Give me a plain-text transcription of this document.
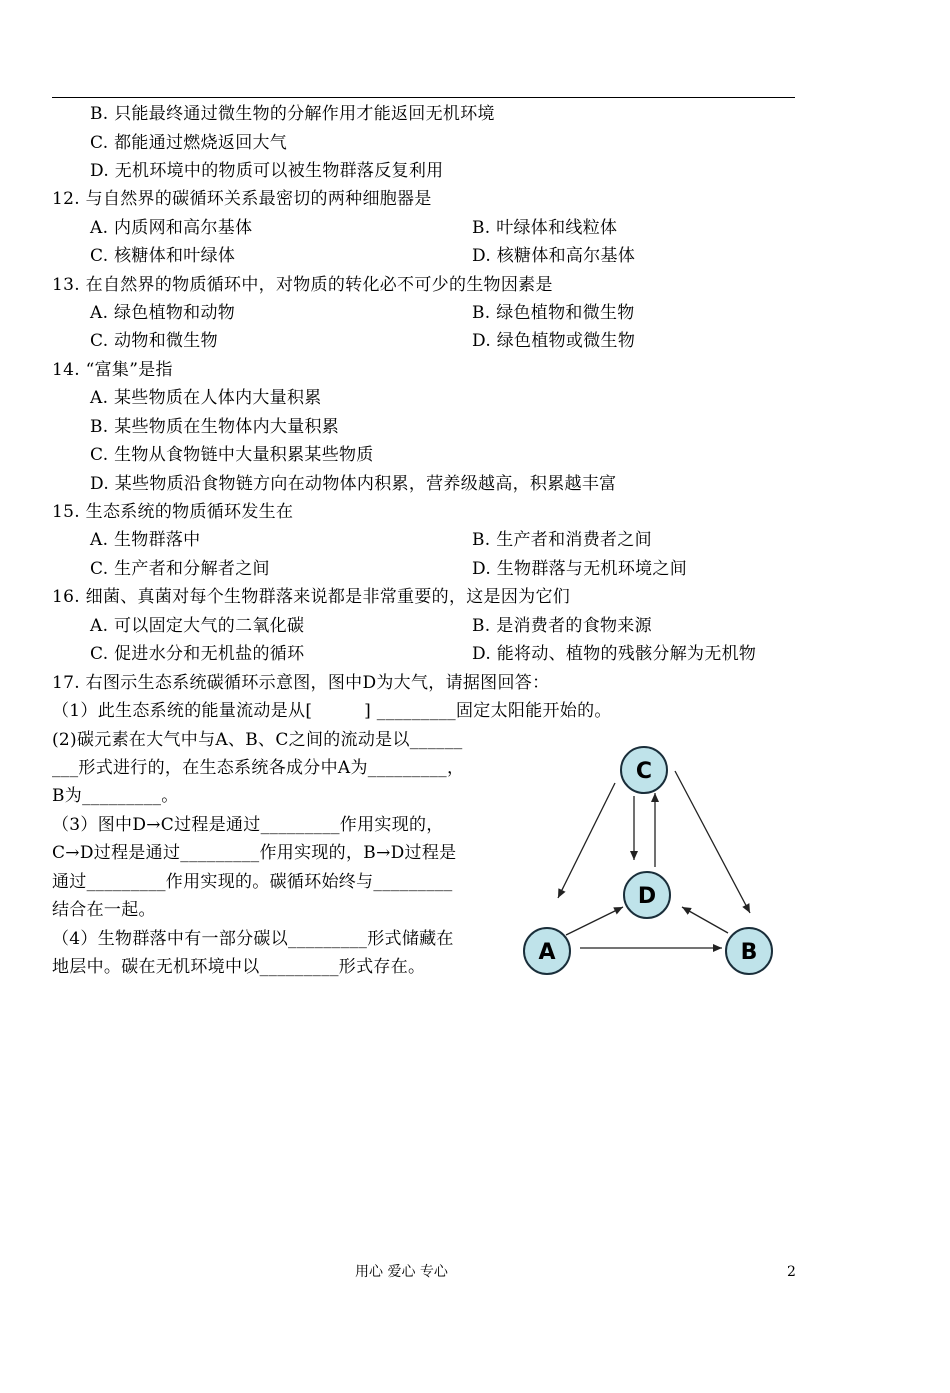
B. 只能最终通过微生物的分解作用才能返回无机环境
C. 都能通过燃烧返回大气
D. 无机环境中的物质可以被生物群落反复利用
12. 与自然界的碳循环关系最密切的两种细胞器是
A. 内质网和高尔基体	B. 叶绿体和线粒体
C. 核糖体和叶绿体	D. 核糖体和高尔基体
13. 在自然界的物质循环中，对物质的转化必不可少的生物因素是
A. 绿色植物和动物	B. 绿色植物和微生物
C. 动物和微生物	D. 绿色植物或微生物
14. “富集”是指
A. 某些物质在人体内大量积累
B. 某些物质在生物体内大量积累
C. 生物从食物链中大量积累某些物质
D. 某些物质沿食物链方向在动物体内积累，营养级越高，积累越丰富
15. 生态系统的物质循环发生在
A. 生物群落中	B. 生产者和消费者之间
C. 生产者和分解者之间	D. 生物群落与无机环境之间
16. 细菌、真菌对每个生物群落来说都是非常重要的，这是因为它们
A. 可以固定大气的二氧化碳	B. 是消费者的食物来源
C. 促进水分和无机盐的循环	D. 能将动、植物的残骸分解为无机物
17. 右图示生态系统碳循环示意图，图中D为大气，请据图回答：
（1）此生态系统的能量流动是从[　　　] _________固定太阳能开始的。
(2)碳元素在大气中与A、B、C之间的流动是以______
___形式进行的，在生态系统各成分中A为_________，
B为_________。
（3）图中D→C过程是通过_________作用实现的，
C→D过程是通过_________作用实现的，B→D过程是
通过_________作用实现的。碳循环始终与_________
结合在一起。
（4）生物群落中有一部分碳以_________形式储藏在
地层中。碳在无机环境中以_________形式存在。
C
D
A	B
用心 爱心 专心	2
